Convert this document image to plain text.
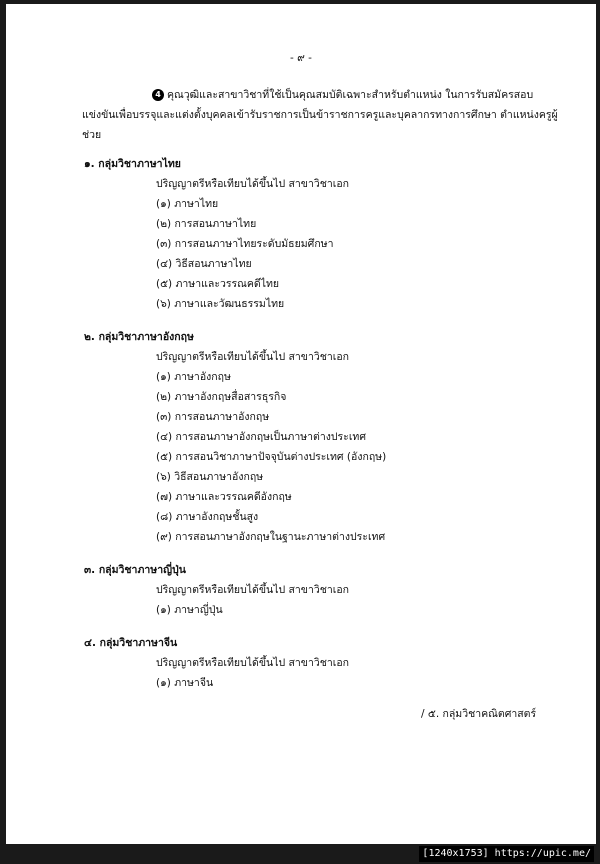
- ๙ -
4 คุณวุฒิและสาขาวิชาที่ใช้เป็นคุณสมบัติเฉพาะสำหรับตำแหน่ง ในการรับสมัครสอบแข่งขันเพื่อบรรจุและแต่งตั้งบุคคลเข้ารับราชการเป็นข้าราชการครูและบุคลากรทางการศึกษา ตำแหน่งครูผู้ช่วย
๑. กลุ่มวิชาภาษาไทย
ปริญญาตรีหรือเทียบได้ขึ้นไป สาขาวิชาเอก
(๑) ภาษาไทย
(๒) การสอนภาษาไทย
(๓) การสอนภาษาไทยระดับมัธยมศึกษา
(๔) วิธีสอนภาษาไทย
(๕) ภาษาและวรรณคดีไทย
(๖) ภาษาและวัฒนธรรมไทย
๒. กลุ่มวิชาภาษาอังกฤษ
ปริญญาตรีหรือเทียบได้ขึ้นไป สาขาวิชาเอก
(๑) ภาษาอังกฤษ
(๒) ภาษาอังกฤษสื่อสารธุรกิจ
(๓) การสอนภาษาอังกฤษ
(๔) การสอนภาษาอังกฤษเป็นภาษาต่างประเทศ
(๕) การสอนวิชาภาษาปัจจุบันต่างประเทศ (อังกฤษ)
(๖) วิธีสอนภาษาอังกฤษ
(๗) ภาษาและวรรณคดีอังกฤษ
(๘) ภาษาอังกฤษชั้นสูง
(๙) การสอนภาษาอังกฤษในฐานะภาษาต่างประเทศ
๓. กลุ่มวิชาภาษาญี่ปุ่น
ปริญญาตรีหรือเทียบได้ขึ้นไป สาขาวิชาเอก
(๑) ภาษาญี่ปุ่น
๔. กลุ่มวิชาภาษาจีน
ปริญญาตรีหรือเทียบได้ขึ้นไป สาขาวิชาเอก
(๑) ภาษาจีน
/ ๕. กลุ่มวิชาคณิตศาสตร์
[1240x1753] https://upic.me/
